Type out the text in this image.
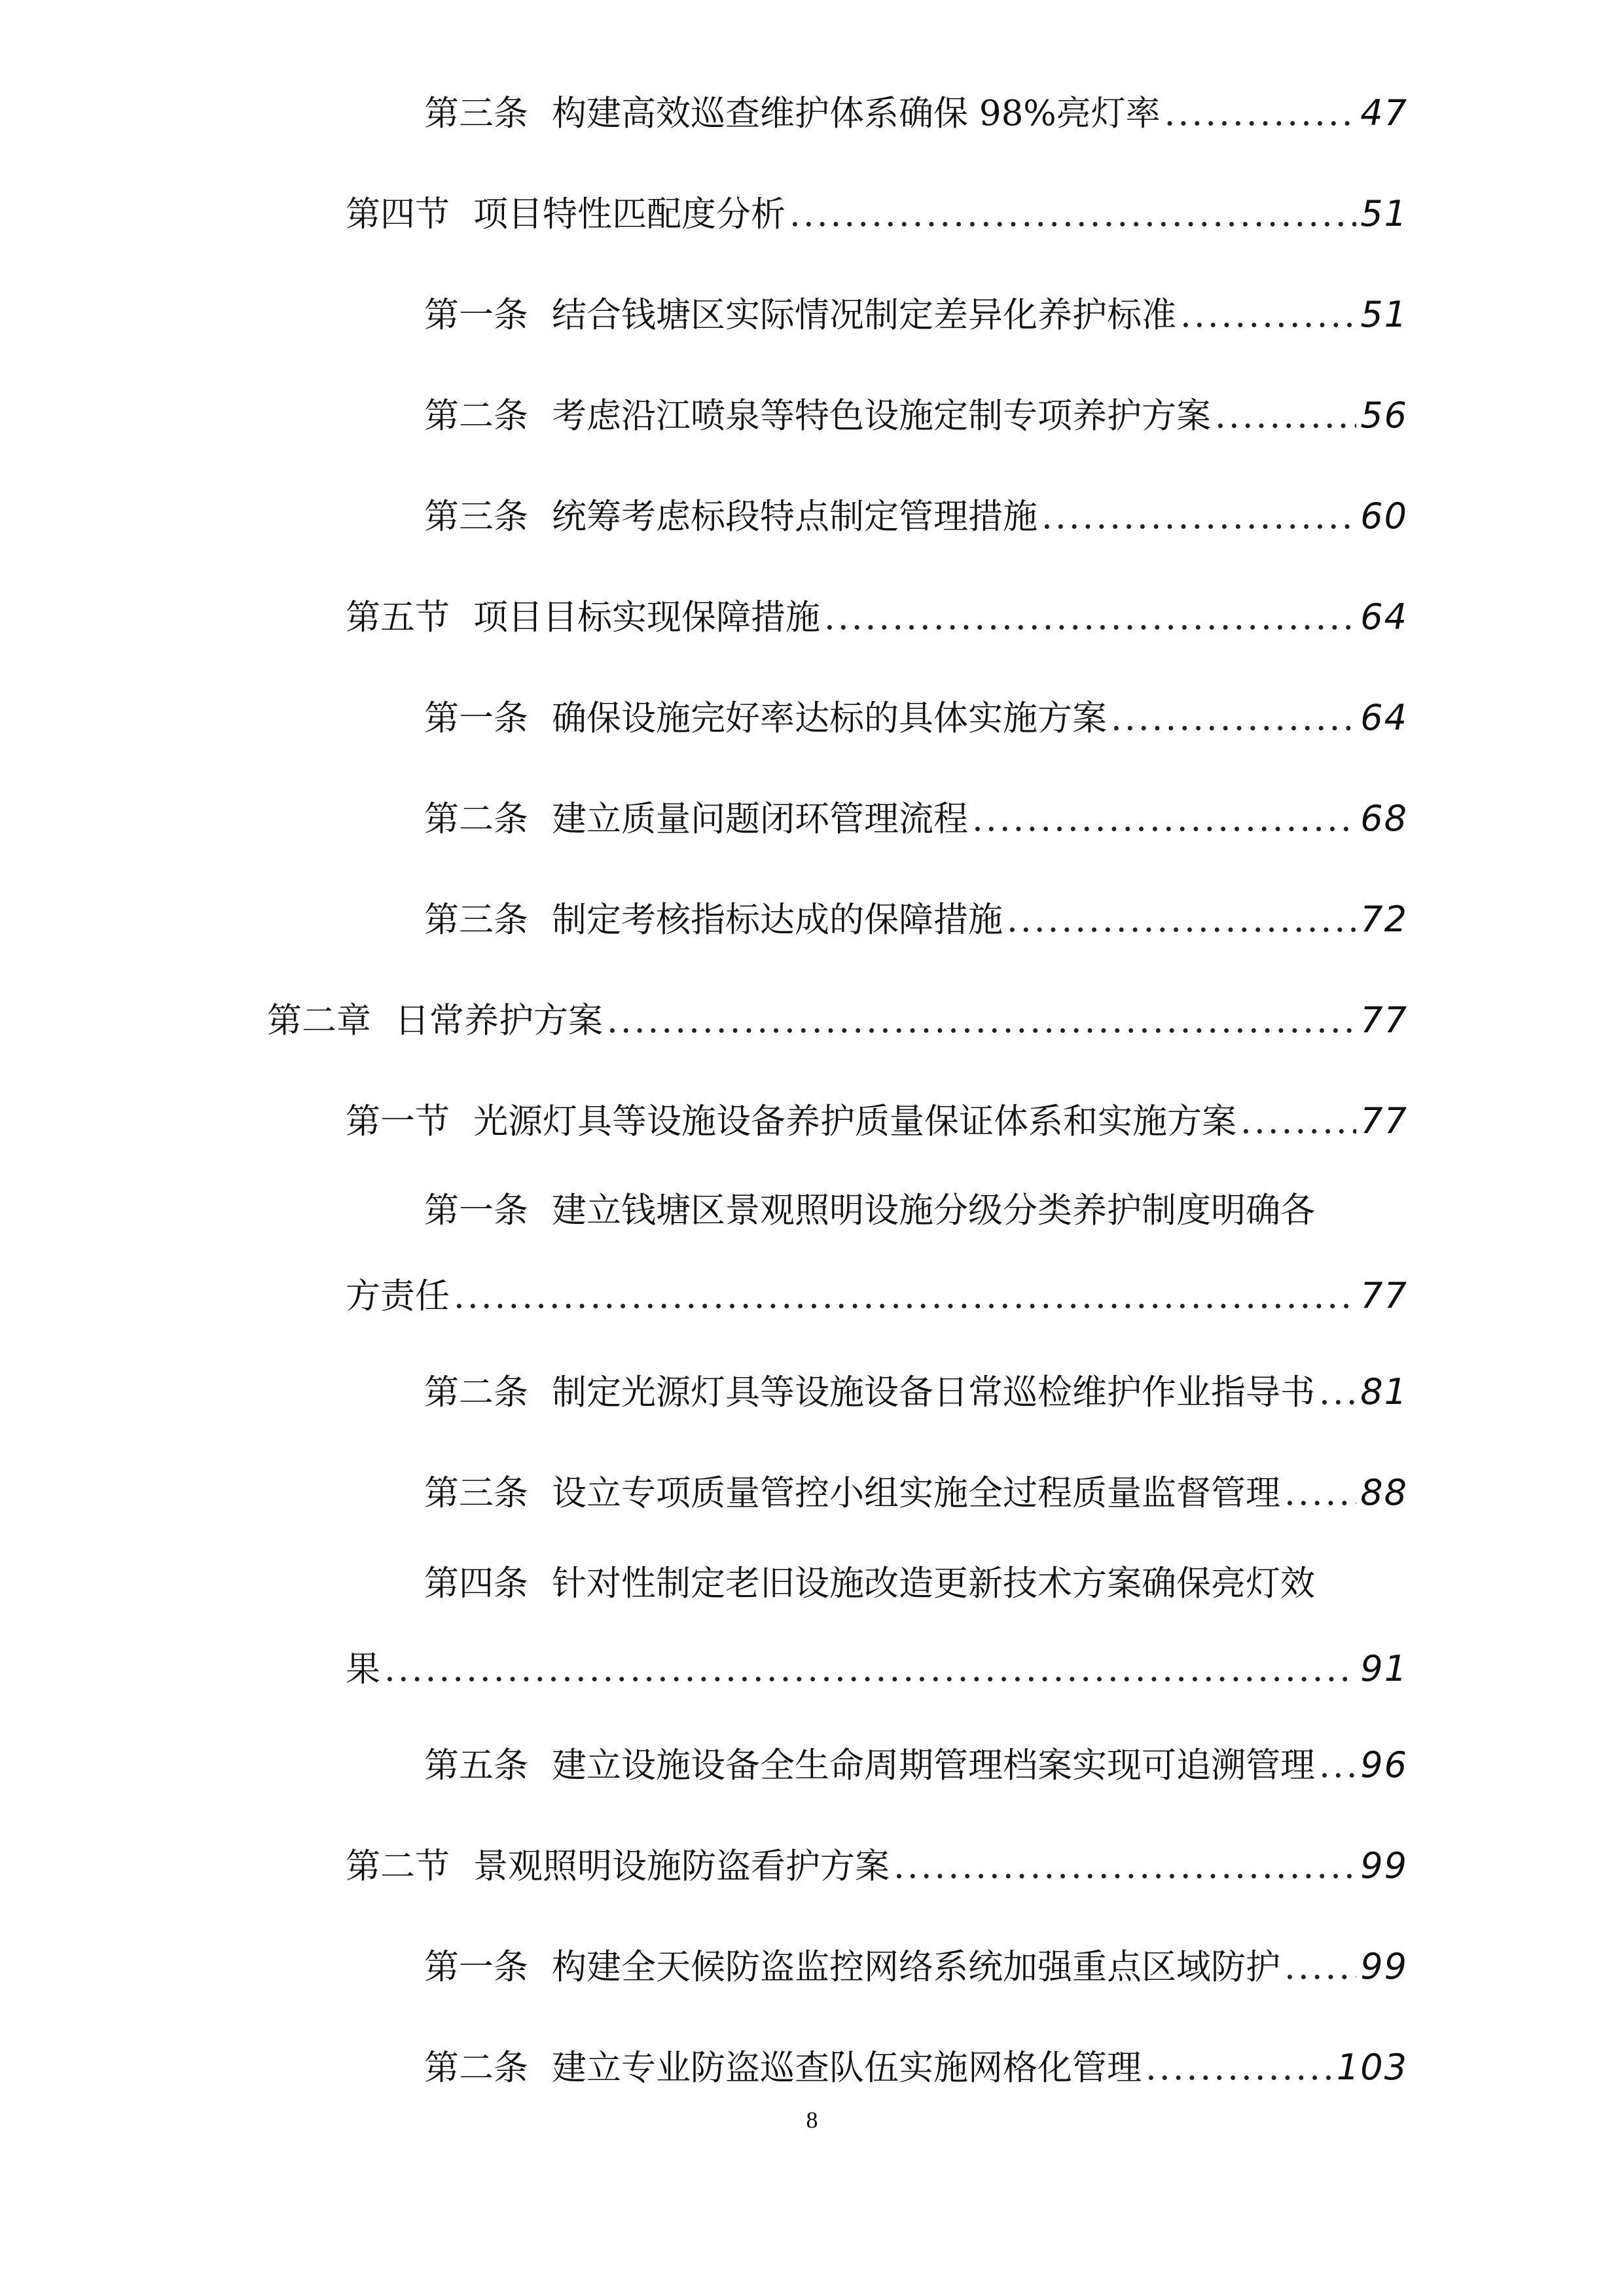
第三条 构建高效巡查维护体系确保 98%亮灯率 .....	47
第四节 项目特性匹配度分析 .....	51
第一条 结合钱塘区实际情况制定差异化养护标准 .....	51
第二条 考虑沿江喷泉等特色设施定制专项养护方案 .....	56
第三条 统筹考虑标段特点制定管理措施 .....	60
第五节 项目目标实现保障措施 .....	64
第一条 确保设施完好率达标的具体实施方案 .....	64
第二条 建立质量问题闭环管理流程 .....	68
第三条 制定考核指标达成的保障措施 .....	72
第二章 日常养护方案 .....	77
第一节 光源灯具等设施设备养护质量保证体系和实施方案 .....	77
第一条 建立钱塘区景观照明设施分级分类养护制度明确各
方责任 .....	77
第二条 制定光源灯具等设施设备日常巡检维护作业指导书 ..... 81
第三条 设立专项质量管控小组实施全过程质量监督管理 ..... 88
第四条 针对性制定老旧设施改造更新技术方案确保亮灯效
果 .....	91
第五条 建立设施设备全生命周期管理档案实现可追溯管理 ..... 96
第二节 景观照明设施防盗看护方案 .....	99
第一条 构建全天候防盗监控网络系统加强重点区域防护 ..... 99
第二条 建立专业防盗巡查队伍实施网格化管理 .....	103
8
